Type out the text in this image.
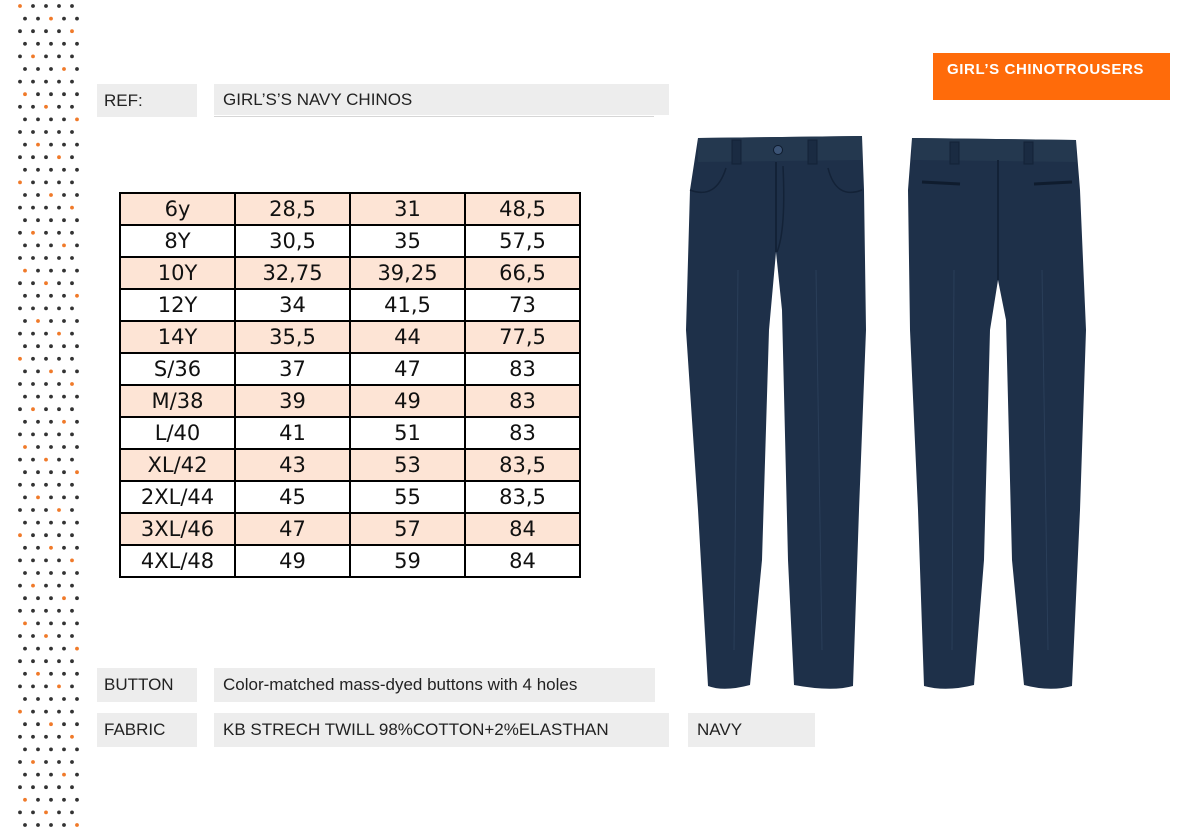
GIRL’S CHINOTROUSERS
REF:	GIRL’S’S NAVY CHINOS
6y	28,5	31	48,5
8Y	30,5	35	57,5
10Y	32,75	39,25	66,5
12Y	34	41,5	73
14Y	35,5	44	77,5
S/36	37	47	83
M/38	39	49	83
L/40	41	51	83
XL/42	43	53	83,5
2XL/44	45	55	83,5
3XL/46	47	57	84
4XL/48	49	59	84
BUTTON	Color-matched mass-dyed buttons with 4 holes
FABRIC	KB STRECH TWILL 98%COTTON+2%ELASTHAN	NAVY
